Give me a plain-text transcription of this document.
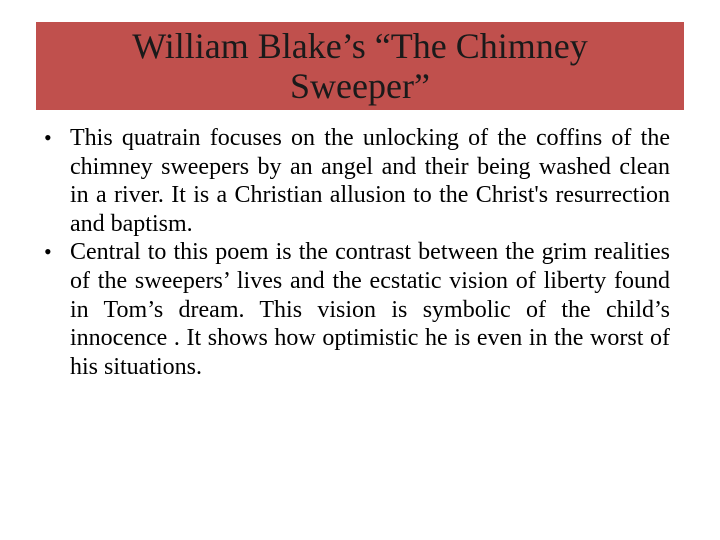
William Blake’s “The Chimney Sweeper”
• This quatrain focuses on the unlocking of the coffins of the chimney sweepers by an angel and their being washed clean in a river. It is a Christian allusion to the Christ's resurrection and baptism.
• Central to this poem is the contrast between the grim realities of the sweepers’ lives and the ecstatic vision of liberty found in Tom’s dream. This vision is symbolic of the child’s innocence . It shows how optimistic he is even in the worst of his situations.
